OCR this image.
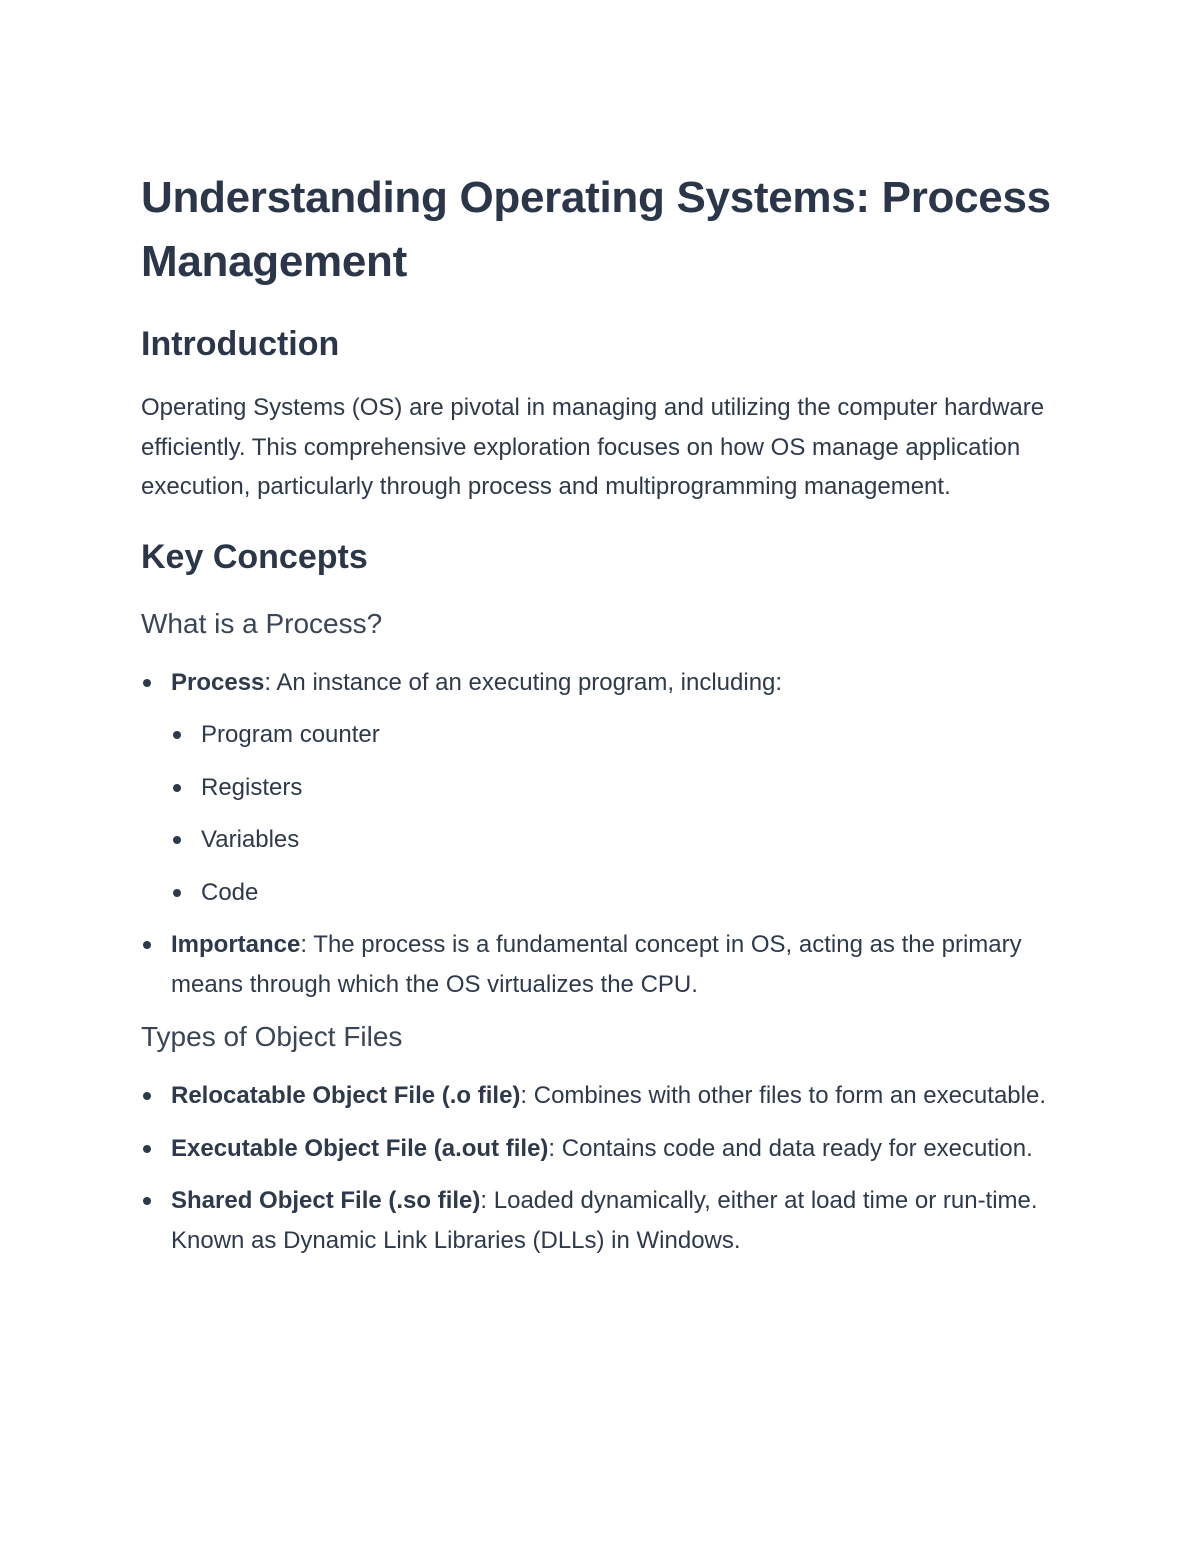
Understanding Operating Systems: Process Management
Introduction

Operating Systems (OS) are pivotal in managing and utilizing the computer hardware efficiently. This comprehensive exploration focuses on how OS manage application execution, particularly through process and multiprogramming management.

Key Concepts
What is a Process?
Process: An instance of an executing program, including:
Program counter
Registers
Variables
Code
Importance: The process is a fundamental concept in OS, acting as the primary means through which the OS virtualizes the CPU.
Types of Object Files
Relocatable Object File (.o file): Combines with other files to form an executable.
Executable Object File (a.out file): Contains code and data ready for execution.
Shared Object File (.so file): Loaded dynamically, either at load time or run-time. Known as Dynamic Link Libraries (DLLs) in Windows.
